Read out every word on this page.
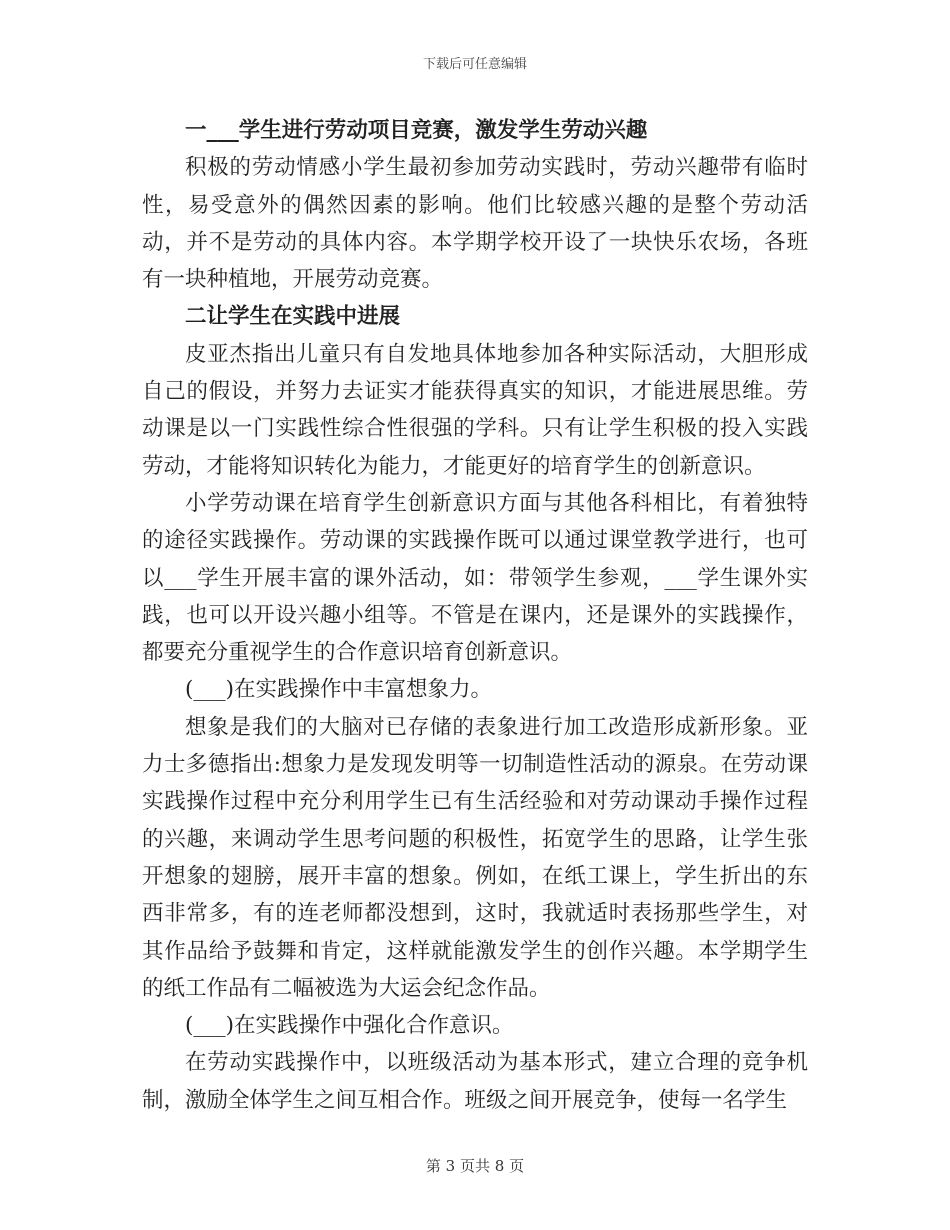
下载后可任意编辑

一___学生进行劳动项目竞赛，激发学生劳动兴趣

积极的劳动情感小学生最初参加劳动实践时，劳动兴趣带有临时性，易受意外的偶然因素的影响。他们比较感兴趣的是整个劳动活动，并不是劳动的具体内容。本学期学校开设了一块快乐农场，各班有一块种植地，开展劳动竞赛。

二让学生在实践中进展

皮亚杰指出儿童只有自发地具体地参加各种实际活动，大胆形成自己的假设，并努力去证实才能获得真实的知识，才能进展思维。劳动课是以一门实践性综合性很强的学科。只有让学生积极的投入实践劳动，才能将知识转化为能力，才能更好的培育学生的创新意识。

小学劳动课在培育学生创新意识方面与其他各科相比，有着独特的途径实践操作。劳动课的实践操作既可以通过课堂教学进行，也可以___学生开展丰富的课外活动，如：带领学生参观，___学生课外实践，也可以开设兴趣小组等。不管是在课内，还是课外的实践操作，都要充分重视学生的合作意识培育创新意识。

(___)在实践操作中丰富想象力。

想象是我们的大脑对已存储的表象进行加工改造形成新形象。亚力士多德指出:想象力是发现发明等一切制造性活动的源泉。在劳动课实践操作过程中充分利用学生已有生活经验和对劳动课动手操作过程的兴趣，来调动学生思考问题的积极性，拓宽学生的思路，让学生张开想象的翅膀，展开丰富的想象。例如，在纸工课上，学生折出的东西非常多，有的连老师都没想到，这时，我就适时表扬那些学生，对其作品给予鼓舞和肯定，这样就能激发学生的创作兴趣。本学期学生的纸工作品有二幅被选为大运会纪念作品。

(___)在实践操作中强化合作意识。

在劳动实践操作中，以班级活动为基本形式，建立合理的竞争机制，激励全体学生之间互相合作。班级之间开展竞争，使每一名学生

第 3 页共 8 页
